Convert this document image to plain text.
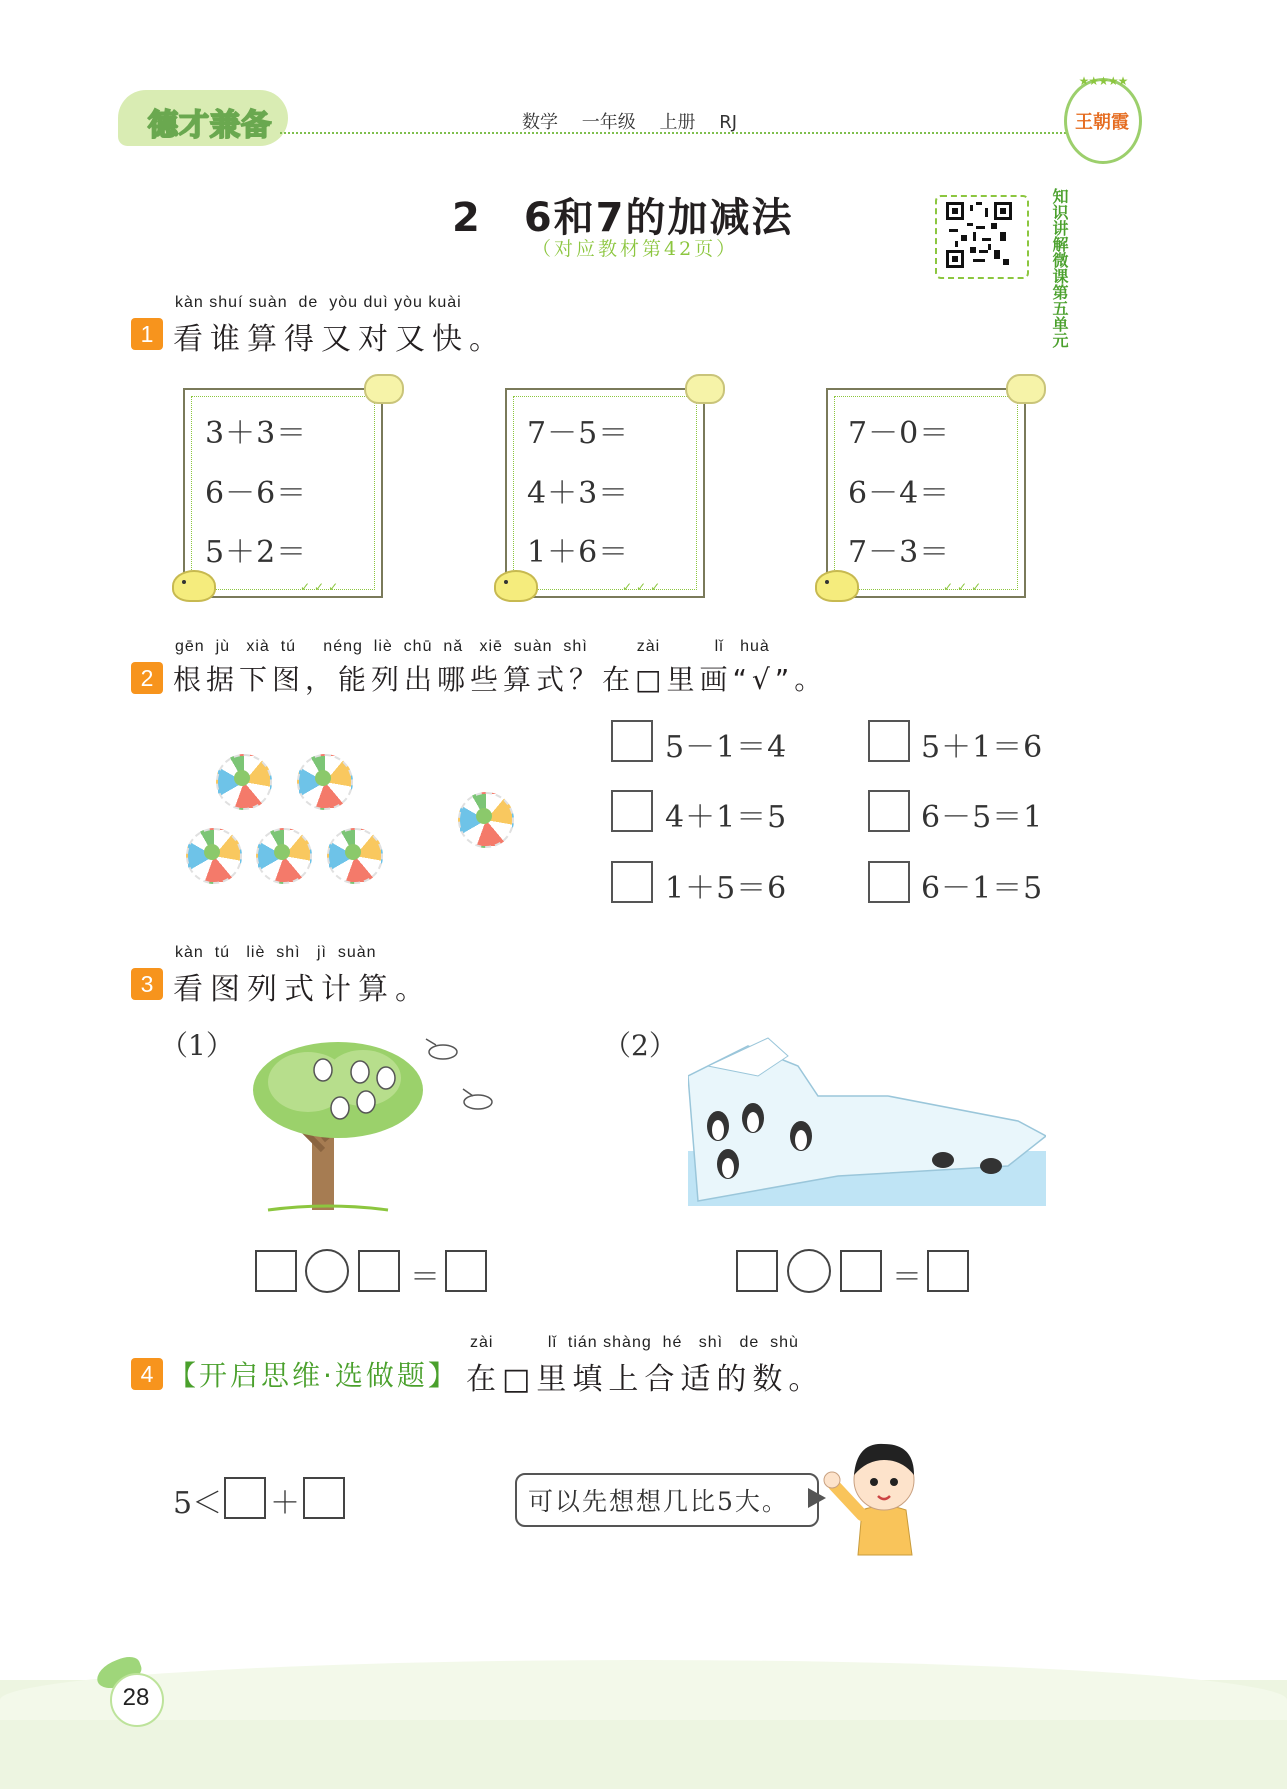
德才兼备	数学 一年级 上册 RJ
★★★★★
王朝霞
2　6和7的加减法
（对应教材第42页）	知识讲解微课第五单元
kàn shuí suàn  de  yòu duì yòu kuài
1 看谁算得又对又快。
3＋3＝
6－6＝
5＋2＝
✓✓✓
7－5＝
4＋3＝
1＋6＝
✓✓✓
7－0＝
6－4＝
7－3＝
✓✓✓
gēn  jù   xià  tú     néng  liè  chū  nǎ   xiē  suàn  shì         zài          lǐ   huà
2 根据下图，能列出哪些算式？在□里画“√”。
5－1＝4
4＋1＝5
1＋5＝6
5＋1＝6
6－5＝1
6－1＝5
kàn  tú   liè  shì   jì  suàn
3 看图列式计算。
（1）	（2）
＝	＝
zài          lǐ  tián shàng  hé   shì   de  shù
4 【开启思维·选做题】 在□里填上合适的数。
5＜ ＋	可以先想想几比5大。
28
